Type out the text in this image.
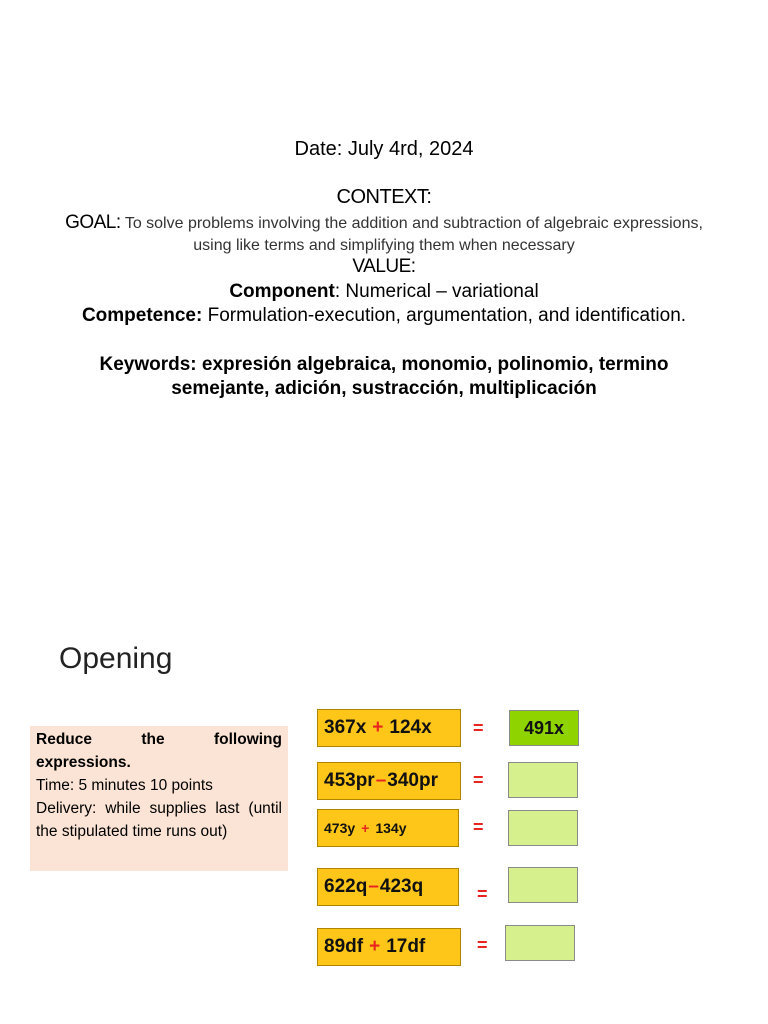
Date: July 4rd, 2024
CONTEXT:
GOAL: To solve problems involving the addition and subtraction of algebraic expressions, using like terms and simplifying them when necessary
VALUE:
Component: Numerical – variational
Competence: Formulation-execution, argumentation, and identification.
Keywords: expresión algebraica, monomio, polinomio, termino semejante, adición, sustracción, multiplicación
Opening

Reduce the following expressions.

Time: 5 minutes 10 points

Delivery: while supplies last (until the stipulated time runs out)

367x + 124x =	491x
453pr – 340pr =
473y + 134y	=
622q – 423q	=
89df + 17df	=
